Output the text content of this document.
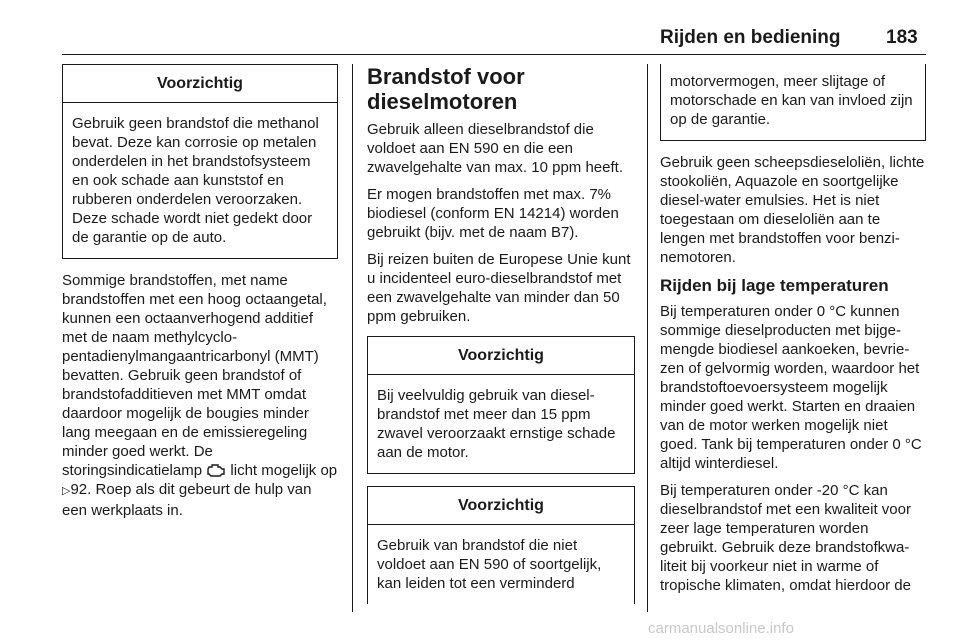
Rijden en bediening 183
Voorzichtig
Gebruik geen brandstof die methanol bevat. Deze kan corrosie op metalen onderdelen in het brandstofsysteem en ook schade aan kunststof en rubberen onderdelen veroorzaken. Deze schade wordt niet gedekt door de garantie op de auto.

Sommige brandstoffen, met name brandstoffen met een hoog octaangetal, kunnen een octaanverhogend additief met de naam methylcyclopentadienylmangaantricarbonyl (MMT) bevatten. Gebruik geen brandstof of brandstofadditieven met MMT omdat daardoor mogelijk de bougies minder lang meegaan en de emissieregeling minder goed werkt. De storingsindicatielamp licht mogelijk op ▷92. Roep als dit gebeurt de hulp van een werkplaats in.

Brandstof voor dieselmotoren

Gebruik alleen dieselbrandstof die voldoet aan EN 590 en die een zwavelgehalte van max. 10 ppm heeft.

Er mogen brandstoffen met max. 7% biodiesel (conform EN 14214) worden gebruikt (bijv. met de naam B7).

Bij reizen buiten de Europese Unie kunt u incidenteel euro-dieselbrandstof met een zwavelgehalte van minder dan 50 ppm gebruiken.

Voorzichtig
Bij veelvuldig gebruik van dieselbrandstof met meer dan 15 ppm zwavel veroorzaakt ernstige schade aan de motor.
Voorzichtig
Gebruik van brandstof die niet voldoet aan EN 590 of soortgelijk, kan leiden tot een verminderd
motorvermogen, meer slijtage of motorschade en kan van invloed zijn op de garantie.

Gebruik geen scheepsdieseloliën, lichte stookoliën, Aquazole en soortgelijke diesel-water emulsies. Het is niet toegestaan om dieseloliën aan te lengen met brandstoffen voor benzinemotoren.

Rijden bij lage temperaturen

Bij temperaturen onder 0 °C kunnen sommige dieselproducten met bijgemengde biodiesel aankoeken, bevriezen of gelvormig worden, waardoor het brandstoftoevoersysteem mogelijk minder goed werkt. Starten en draaien van de motor werken mogelijk niet goed. Tank bij temperaturen onder 0 °C altijd winterdiesel.

Bij temperaturen onder -20 °C kan dieselbrandstof met een kwaliteit voor zeer lage temperaturen worden gebruikt. Gebruik deze brandstofkwaliteit bij voorkeur niet in warme of tropische klimaten, omdat hierdoor de

carmanualsonline.info
